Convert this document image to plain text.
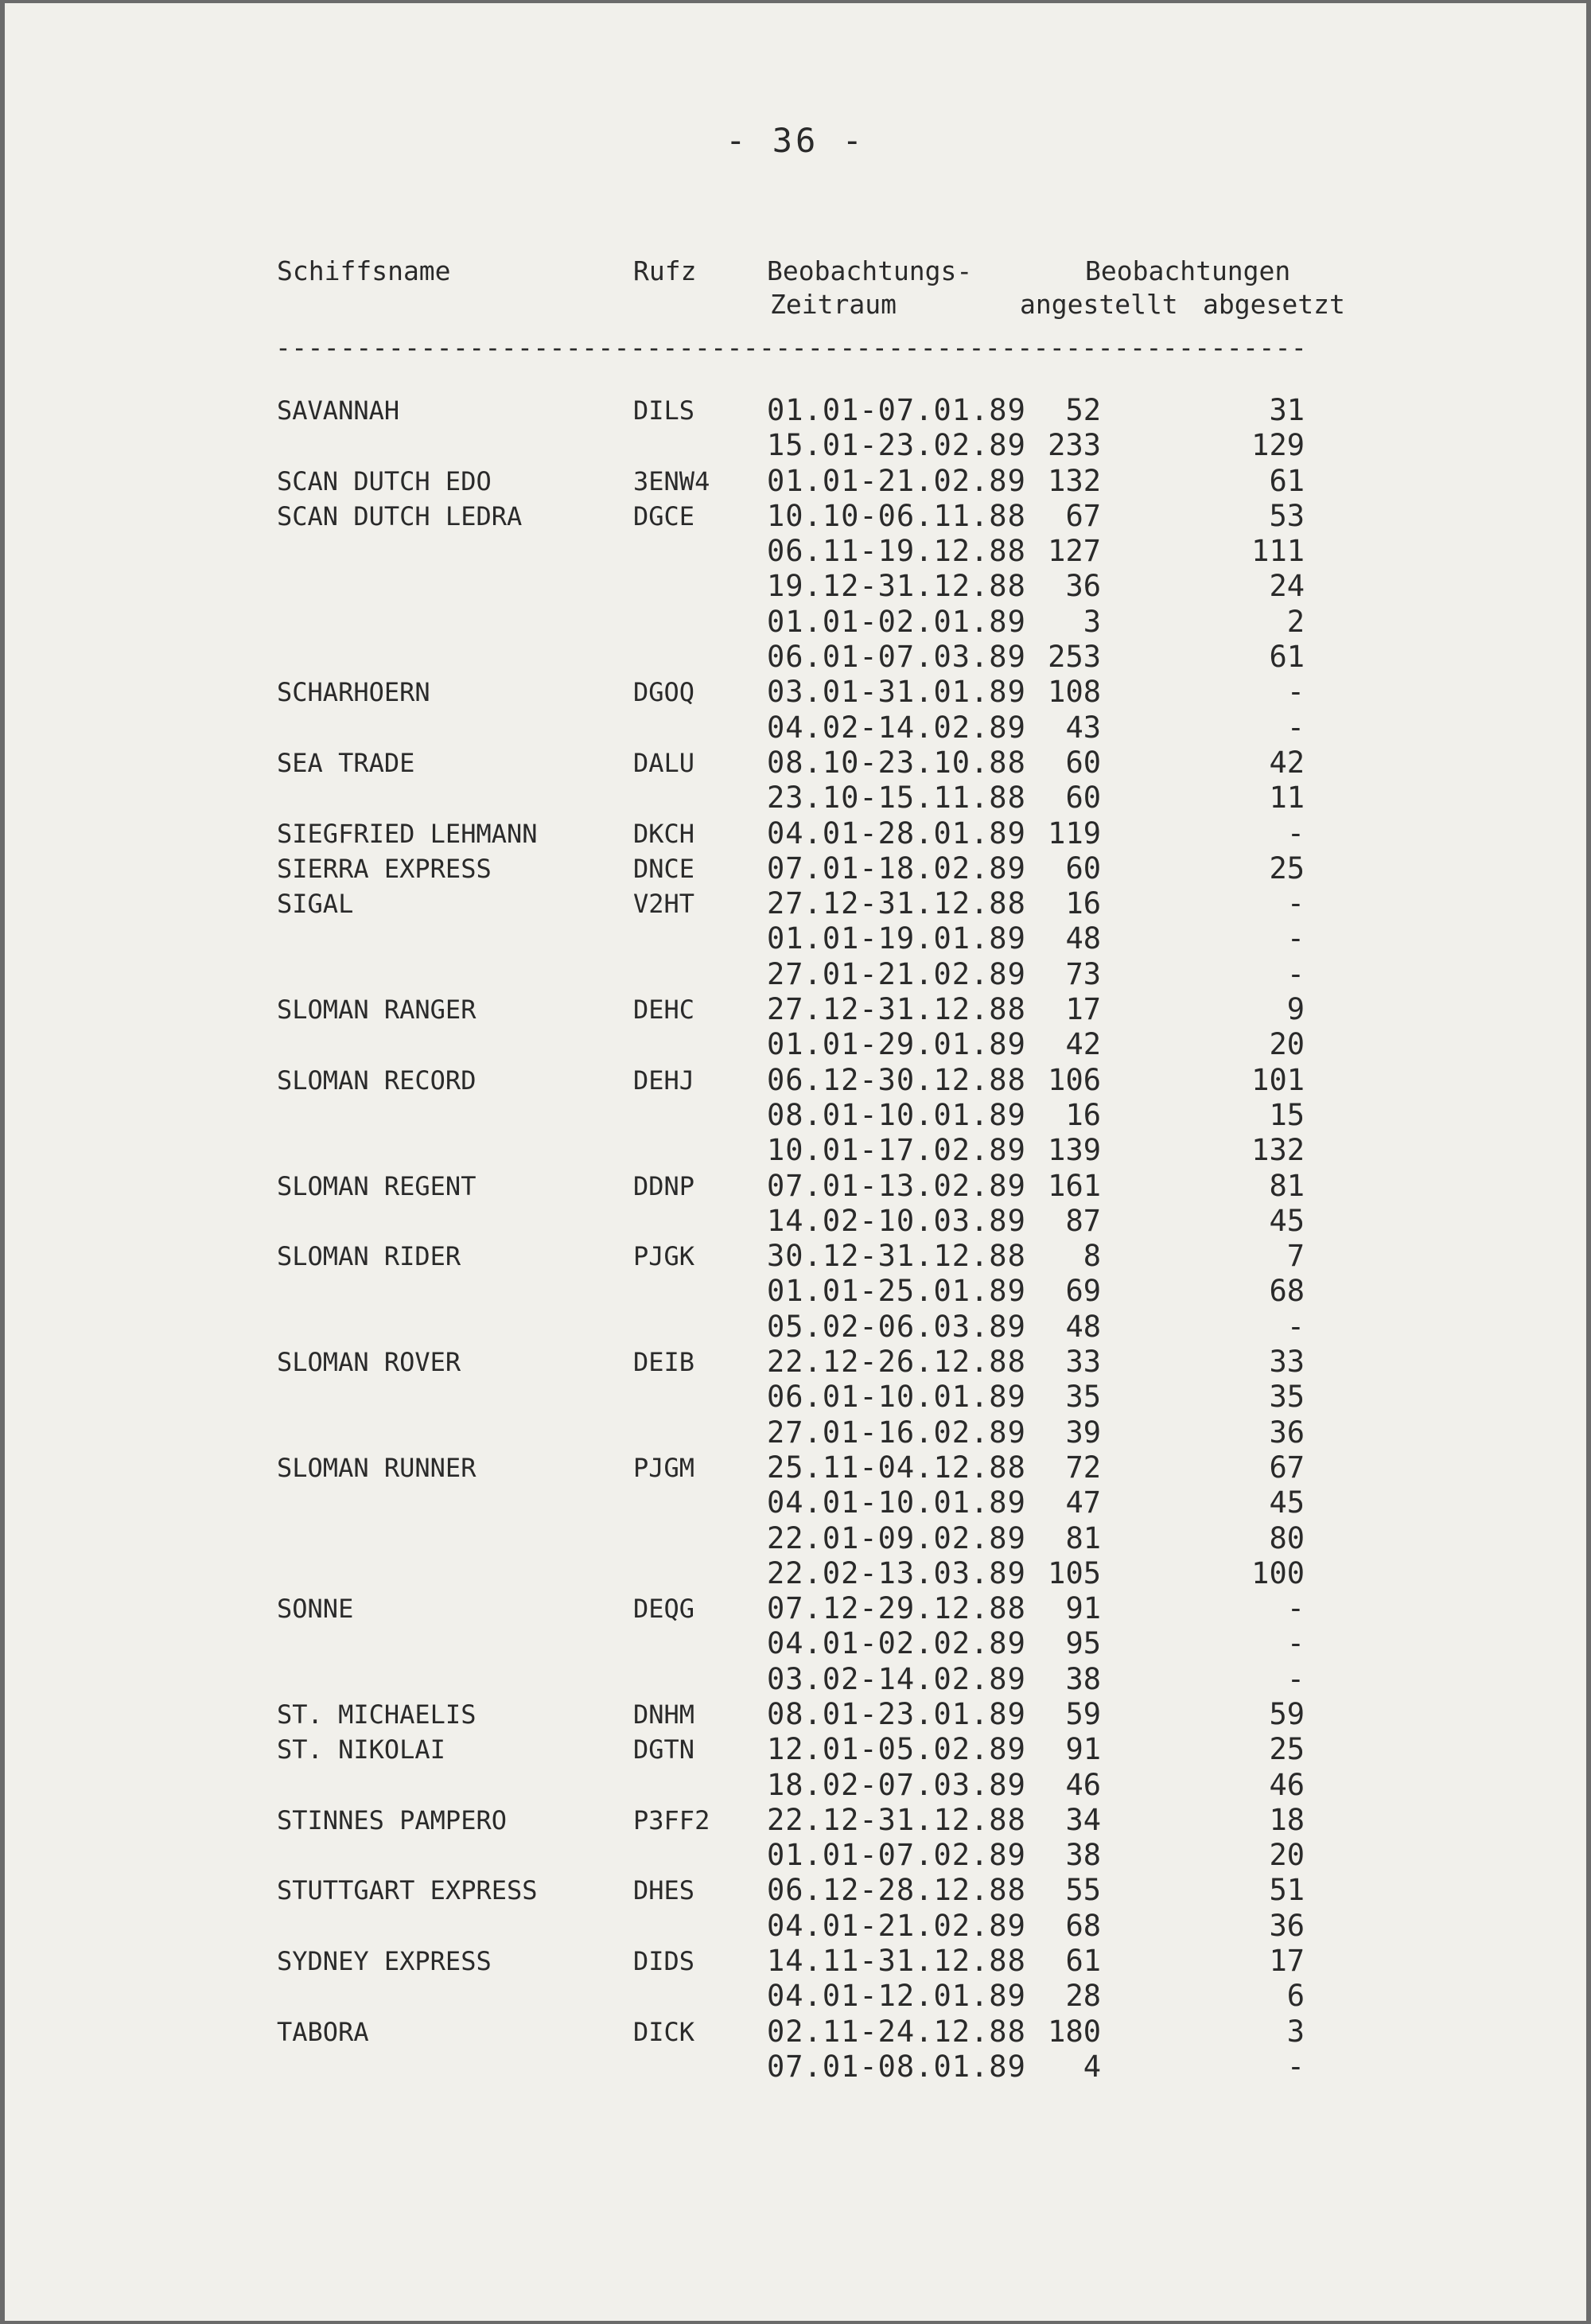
- 36 -
Schiffsname	Rufz	Beobachtungs-
Zeitraum
Beobachtungen
angestellt abgesetzt
----------------------------------------------------------------
SAVANNAH	DILS 01.01-07.01.89 52	31
15.01-23.02.89 233	129
SCAN DUTCH EDO	3ENW4 01.01-21.02.89 132	61
SCAN DUTCH LEDRA	DGCE 10.10-06.11.88 67	53
06.11-19.12.88 127	111
19.12-31.12.88 36	24
01.01-02.01.89 3	2
06.01-07.03.89 253	61
SCHARHOERN	DGOQ 03.01-31.01.89 108	-
04.02-14.02.89 43	-
SEA TRADE	DALU 08.10-23.10.88 60	42
23.10-15.11.88 60	11
SIEGFRIED LEHMANN	DKCH 04.01-28.01.89 119	-
SIERRA EXPRESS	DNCE 07.01-18.02.89 60	25
SIGAL	V2HT 27.12-31.12.88 16	-
01.01-19.01.89 48	-
27.01-21.02.89 73	-
SLOMAN RANGER	DEHC 27.12-31.12.88 17	9
01.01-29.01.89 42	20
SLOMAN RECORD	DEHJ 06.12-30.12.88 106	101
08.01-10.01.89 16	15
10.01-17.02.89 139	132
SLOMAN REGENT	DDNP 07.01-13.02.89 161	81
14.02-10.03.89 87	45
SLOMAN RIDER	PJGK 30.12-31.12.88 8	7
01.01-25.01.89 69	68
05.02-06.03.89 48	-
SLOMAN ROVER	DEIB 22.12-26.12.88 33	33
06.01-10.01.89 35	35
27.01-16.02.89 39	36
SLOMAN RUNNER	PJGM 25.11-04.12.88 72	67
04.01-10.01.89 47	45
22.01-09.02.89 81	80
22.02-13.03.89 105	100
SONNE	DEQG 07.12-29.12.88 91	-
04.01-02.02.89 95	-
03.02-14.02.89 38	-
ST. MICHAELIS	DNHM 08.01-23.01.89 59	59
ST. NIKOLAI	DGTN 12.01-05.02.89 91	25
18.02-07.03.89 46	46
STINNES PAMPERO	P3FF2 22.12-31.12.88 34	18
01.01-07.02.89 38	20
STUTTGART EXPRESS	DHES 06.12-28.12.88 55	51
04.01-21.02.89 68	36
SYDNEY EXPRESS	DIDS 14.11-31.12.88 61	17
04.01-12.01.89 28	6
TABORA	DICK 02.11-24.12.88 180	3
07.01-08.01.89 4	-
